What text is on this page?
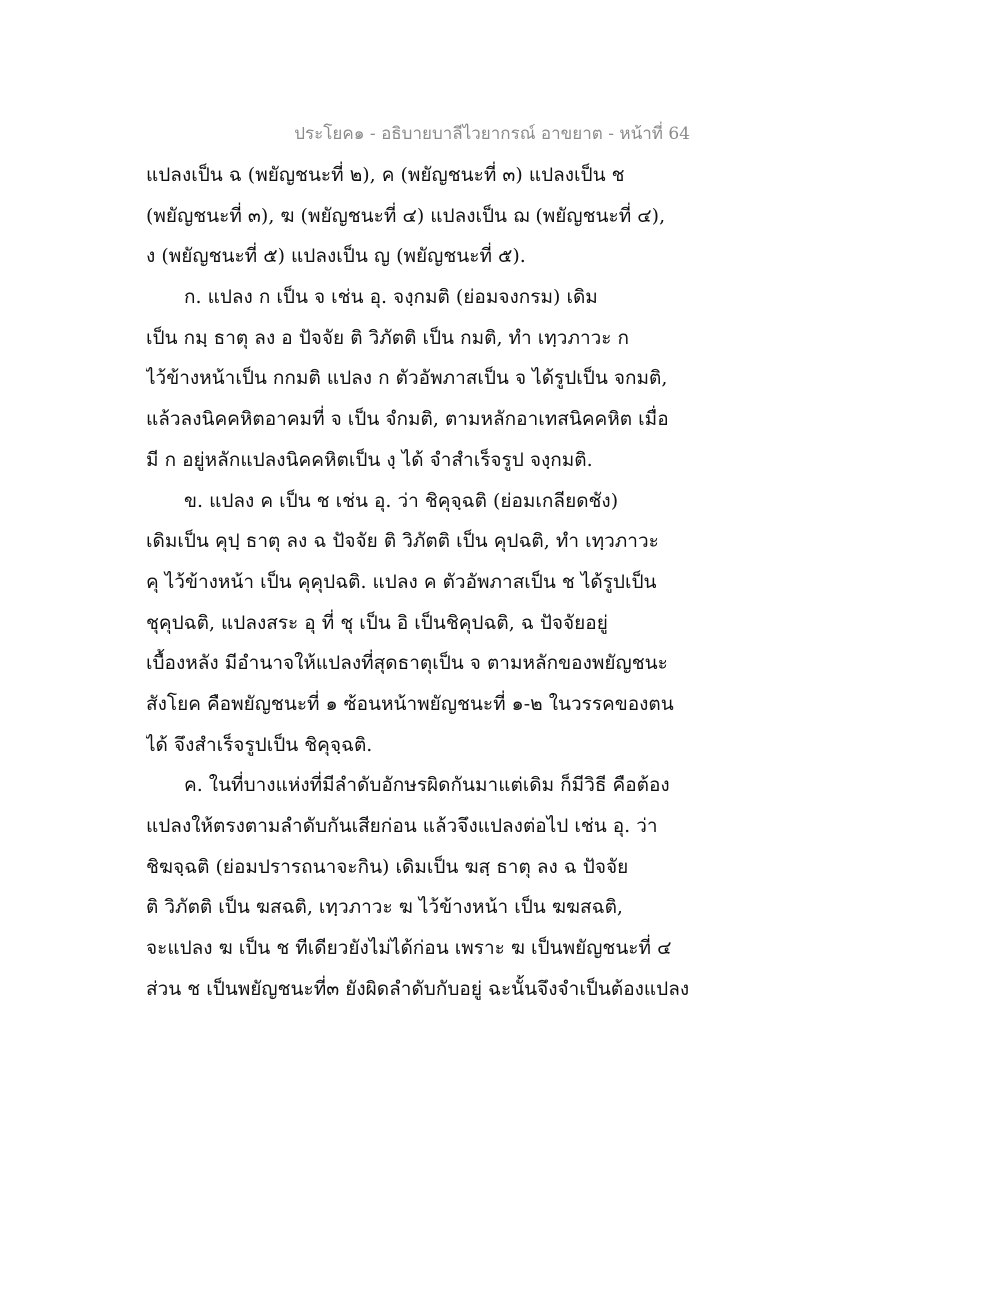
ประโยค๑ - อธิบายบาลีไวยากรณ์ อาขยาต - หน้าที่ 64
แปลงเป็น ฉ (พยัญชนะที่ ๒), ค (พยัญชนะที่ ๓) แปลงเป็น ช
(พยัญชนะที่ ๓), ฆ (พยัญชนะที่ ๔) แปลงเป็น ฌ (พยัญชนะที่ ๔),
ง (พยัญชนะที่ ๕) แปลงเป็น ญ (พยัญชนะที่ ๕).
ก. แปลง ก เป็น จ เช่น อุ. จงฺกมติ (ย่อมจงกรม) เดิม
เป็น กมฺ ธาตุ ลง อ ปัจจัย ติ วิภัตติ เป็น กมติ, ทำ เทฺวภาวะ ก
ไว้ข้างหน้าเป็น กกมติ แปลง ก ตัวอัพภาสเป็น จ ได้รูปเป็น จกมติ,
แล้วลงนิคคหิตอาคมที่ จ เป็น จํกมติ, ตามหลักอาเทสนิคคหิต เมื่อ
มี ก อยู่หลักแปลงนิคคหิตเป็น งฺ ได้ จำสำเร็จรูป จงฺกมติ.
ข. แปลง ค เป็น ช เช่น อุ. ว่า ชิคุจฺฉติ (ย่อมเกลียดชัง)
เดิมเป็น คุปฺ ธาตุ ลง ฉ ปัจจัย ติ วิภัตติ เป็น คุปฉติ, ทำ เทฺวภาวะ
คุ ไว้ข้างหน้า เป็น คุคุปฉติ. แปลง ค ตัวอัพภาสเป็น ช ได้รูปเป็น
ชุคุปฉติ, แปลงสระ อุ ที่ ชุ เป็น อิ เป็นชิคุปฉติ, ฉ ปัจจัยอยู่
เบื้องหลัง มีอำนาจให้แปลงที่สุดธาตุเป็น จ ตามหลักของพยัญชนะ
สังโยค คือพยัญชนะที่ ๑ ซ้อนหน้าพยัญชนะที่ ๑-๒ ในวรรคของตน
ได้ จึงสำเร็จรูปเป็น ชิคุจฺฉติ.
ค. ในที่บางแห่งที่มีลำดับอักษรผิดกันมาแต่เดิม ก็มีวิธี คือต้อง
แปลงให้ตรงตามลำดับกันเสียก่อน แล้วจึงแปลงต่อไป เช่น อุ. ว่า
ชิฆจฺฉติ (ย่อมปรารถนาจะกิน) เดิมเป็น ฆสฺ ธาตุ ลง ฉ ปัจจัย
ติ วิภัตติ เป็น ฆสฉติ, เทฺวภาวะ ฆ ไว้ข้างหน้า เป็น ฆฆสฉติ,
จะแปลง ฆ เป็น ช ทีเดียวยังไม่ได้ก่อน เพราะ ฆ เป็นพยัญชนะที่ ๔
ส่วน ช เป็นพยัญชนะที่๓ ยังผิดลำดับกับอยู่ ฉะนั้นจึงจำเป็นต้องแปลง
